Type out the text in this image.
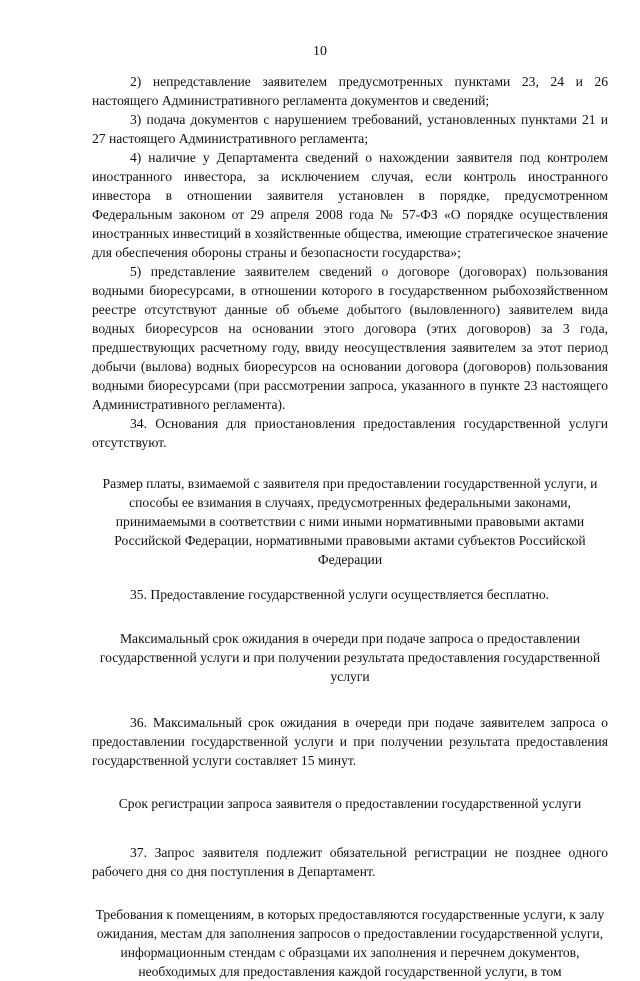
10

2) непредставление заявителем предусмотренных пунктами 23, 24 и 26 настоящего Административного регламента документов и сведений;

3) подача документов с нарушением требований, установленных пунктами 21 и 27 настоящего Административного регламента;

4) наличие у Департамента сведений о нахождении заявителя под контролем иностранного инвестора, за исключением случая, если контроль иностранного инвестора в отношении заявителя установлен в порядке, предусмотренном Федеральным законом от 29 апреля 2008 года № 57-ФЗ «О порядке осуществления иностранных инвестиций в хозяйственные общества, имеющие стратегическое значение для обеспечения обороны страны и безопасности государства»;

5) представление заявителем сведений о договоре (договорах) пользования водными биоресурсами, в отношении которого в государственном рыбохозяйственном реестре отсутствуют данные об объеме добытого (выловленного) заявителем вида водных биоресурсов на основании этого договора (этих договоров) за 3 года, предшествующих расчетному году, ввиду неосуществления заявителем за этот период добычи (вылова) водных биоресурсов на основании договора (договоров) пользования водными биоресурсами (при рассмотрении запроса, указанного в пункте 23 настоящего Административного регламента).

34. Основания для приостановления предоставления государственной услуги отсутствуют.

Размер платы, взимаемой с заявителя при предоставлении государственной услуги, и способы ее взимания в случаях, предусмотренных федеральными законами, принимаемыми в соответствии с ними иными нормативными правовыми актами Российской Федерации, нормативными правовыми актами субъектов Российской Федерации

35. Предоставление государственной услуги осуществляется бесплатно.

Максимальный срок ожидания в очереди при подаче запроса о предоставлении государственной услуги и при получении результата предоставления государственной услуги

36. Максимальный срок ожидания в очереди при подаче заявителем запроса о предоставлении государственной услуги и при получении результата предоставления государственной услуги составляет 15 минут.

Срок регистрации запроса заявителя о предоставлении государственной услуги

37. Запрос заявителя подлежит обязательной регистрации не позднее одного рабочего дня со дня поступления в Департамент.

Требования к помещениям, в которых предоставляются государственные услуги, к залу ожидания, местам для заполнения запросов о предоставлении государственной услуги, информационным стендам с образцами их заполнения и перечнем документов, необходимых для предоставления каждой государственной услуги, в том
